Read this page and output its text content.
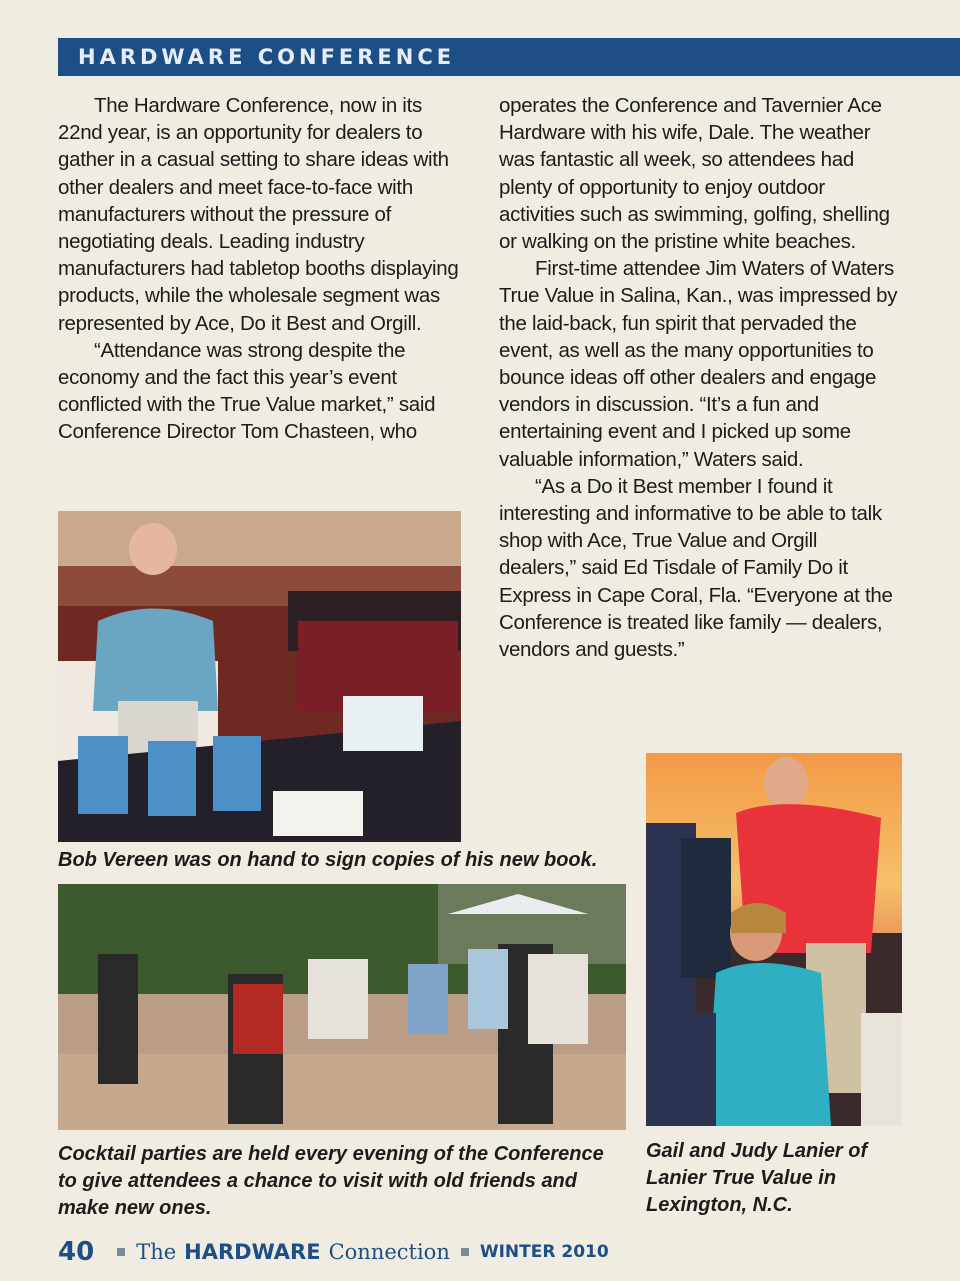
HARDWARE CONFERENCE

The Hardware Conference, now in its 22nd year, is an opportunity for dealers to gather in a casual setting to share ideas with other dealers and meet face-to-face with manufacturers without the pressure of negotiating deals. Leading industry manufacturers had tabletop booths displaying products, while the wholesale segment was represented by Ace, Do it Best and Orgill.

“Attendance was strong despite the economy and the fact this year’s event conflicted with the True Value market,” said Conference Director Tom Chasteen, who

operates the Conference and Tavernier Ace Hardware with his wife, Dale. The weather was fantastic all week, so attendees had plenty of opportunity to enjoy outdoor activities such as swimming, golfing, shelling or walking on the pristine white beaches.

First-time attendee Jim Waters of Waters True Value in Salina, Kan., was impressed by the laid-back, fun spirit that pervaded the event, as well as the many opportunities to bounce ideas off other dealers and engage vendors in discussion. “It’s a fun and entertaining event and I picked up some valuable information,” Waters said.

“As a Do it Best member I found it interesting and informative to be able to talk shop with Ace, True Value and Orgill dealers,” said Ed Tisdale of Family Do it Express in Cape Coral, Fla. “Everyone at the Conference is treated like family — dealers, vendors and guests.”

Bob Vereen was on hand to sign copies of his new book.
Cocktail parties are held every evening of the Conference to give attendees a chance to visit with old friends and make new ones.
Gail and Judy Lanier of Lanier True Value in Lexington, N.C.
40 The HARDWARE Connection WINTER 2010
